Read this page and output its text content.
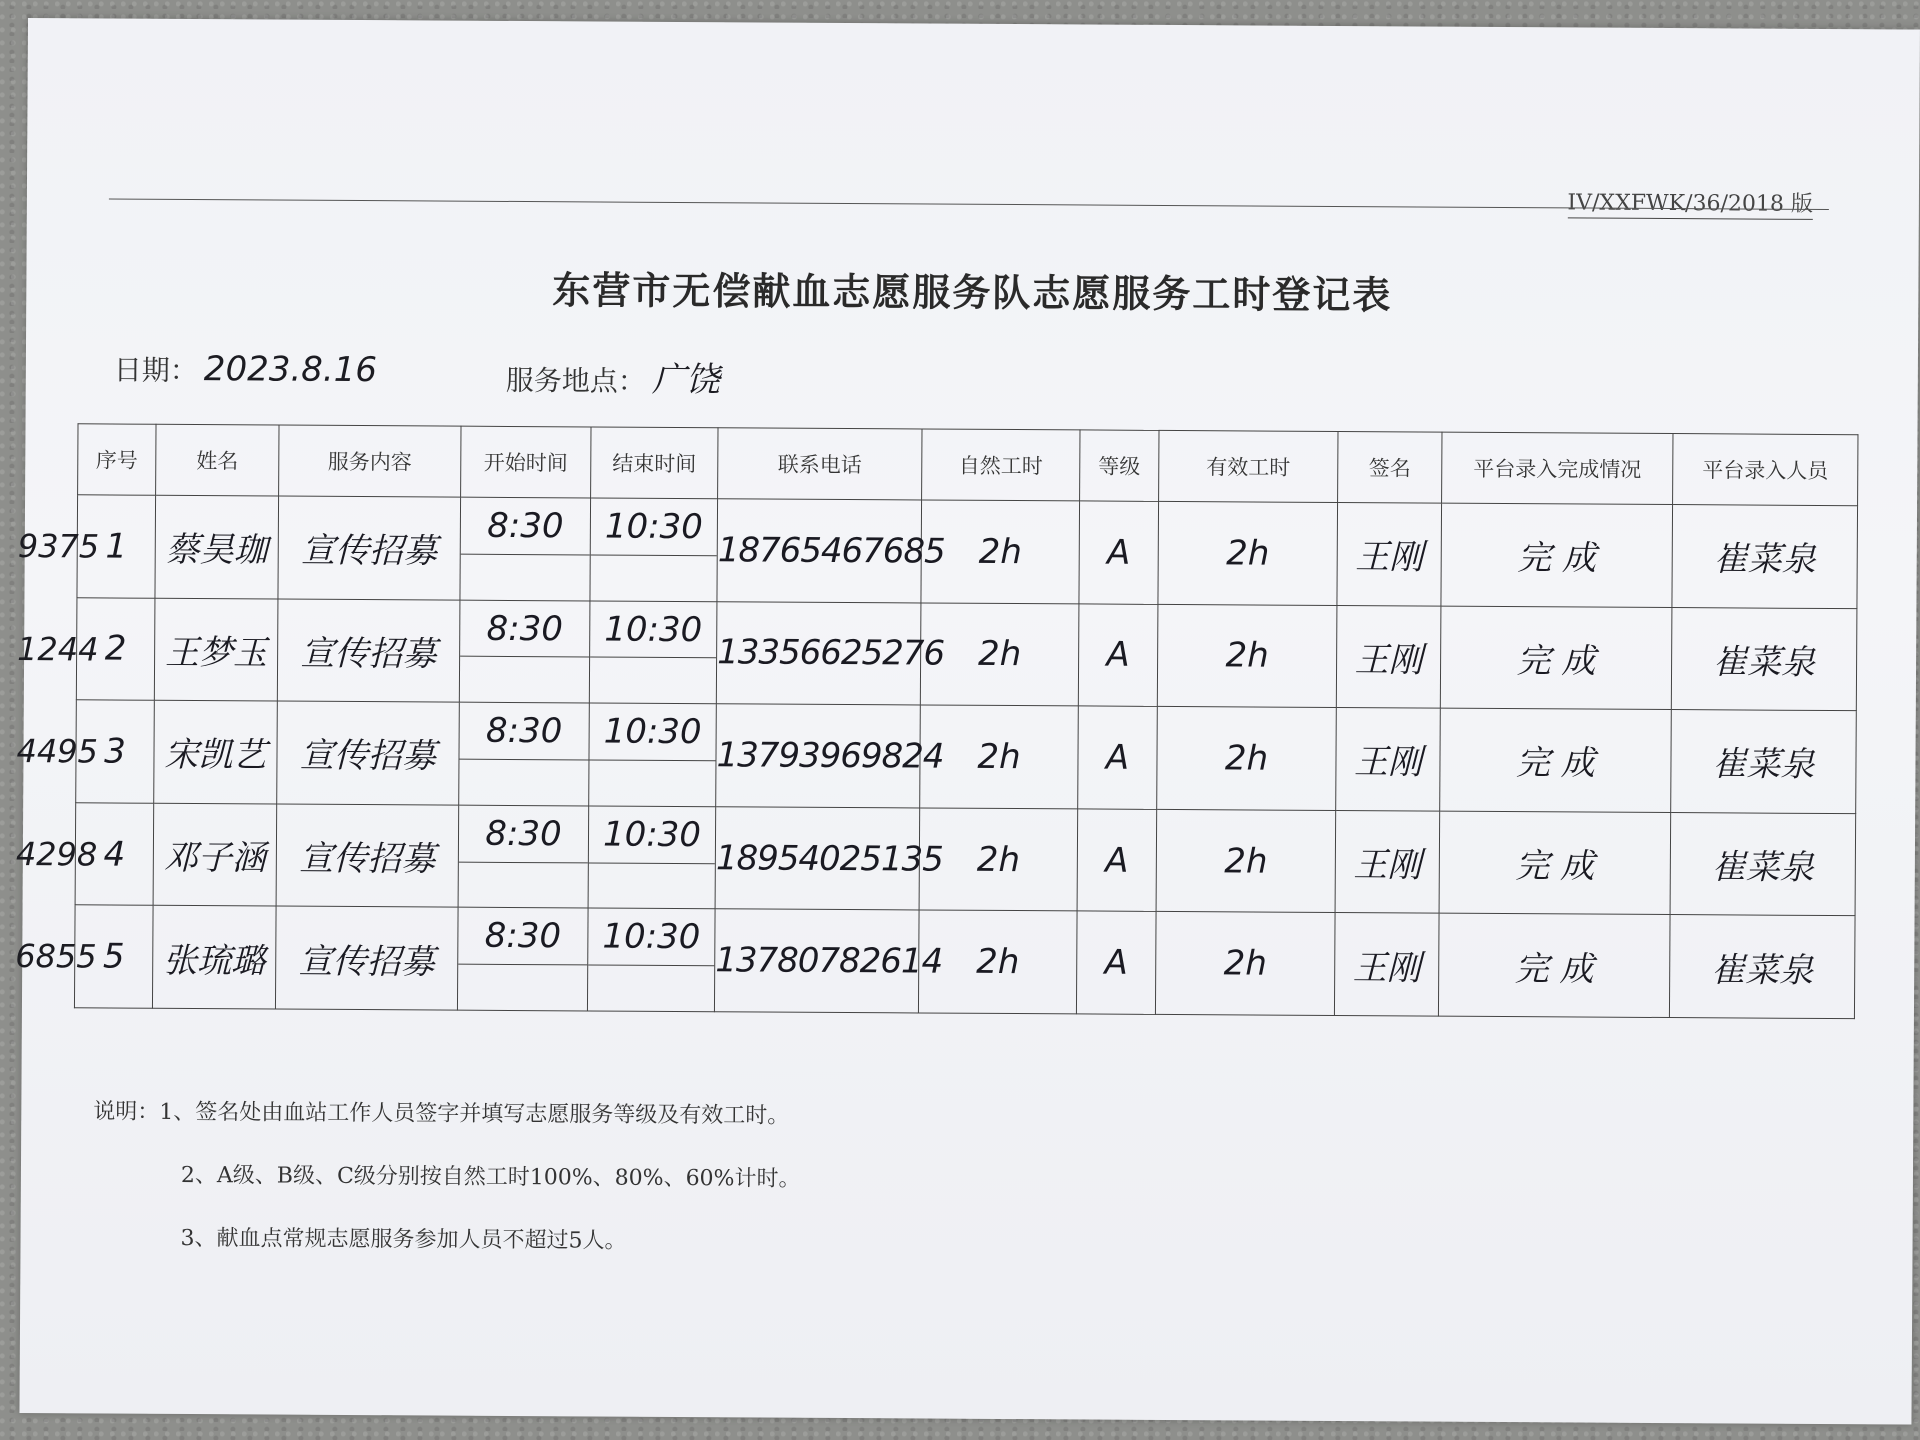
IV/XXFWK/36/2018 版
东营市无偿献血志愿服务队志愿服务工时登记表
日期： 2023.8.16	服务地点： 广饶
序号	姓名	服务内容	开始时间	结束时间	联系电话	自然工时	等级	有效工时	签名	平台录入完成情况	平台录入人员

9375 1	蔡昊珈	宣传招募	8:30	10:30	18765467685	2h	A	2h	王刚	完 成	崔菜泉

1244 2	王梦玉	宣传招募	8:30	10:30	13356625276	2h	A	2h	王刚	完 成	崔菜泉

4495 3	宋凯艺	宣传招募	8:30	10:30	13793969824	2h	A	2h	王刚	完 成	崔菜泉

4298 4	邓子涵	宣传招募	8:30	10:30	18954025135	2h	A	2h	王刚	完 成	崔菜泉

6855 5	张琉璐	宣传招募	8:30	10:30	13780782614	2h	A	2h	王刚	完 成	崔菜泉
说明：1、签名处由血站工作人员签字并填写志愿服务等级及有效工时。
2、A级、B级、C级分别按自然工时100%、80%、60%计时。
3、献血点常规志愿服务参加人员不超过5人。
